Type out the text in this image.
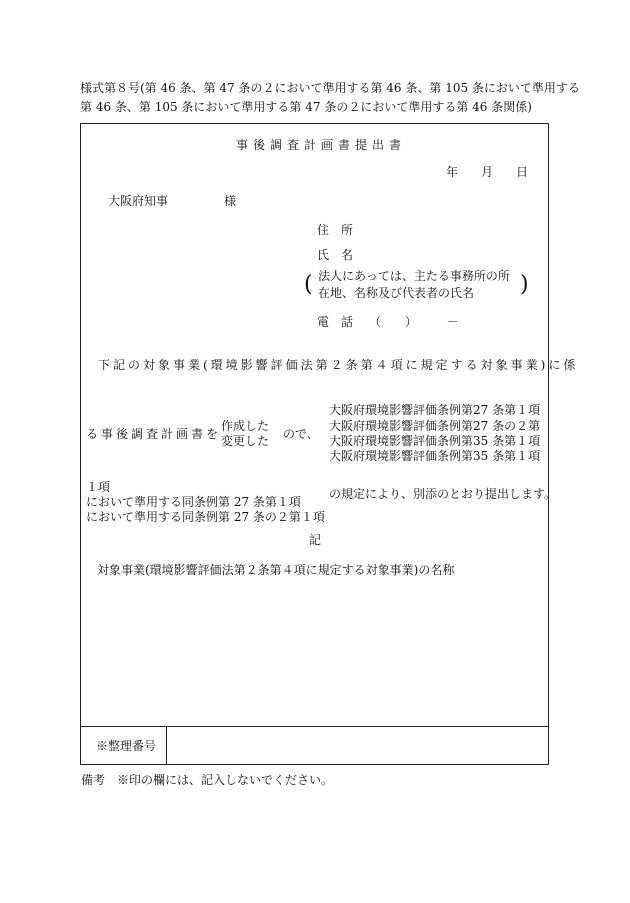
様式第８号(第 46 条、第 47 条の２において準用する第 46 条、第 105 条において準用する
第 46 条、第 105 条において準用する第 47 条の２において準用する第 46 条関係)
事後調査計画書提出書
年 月 日
大阪府知事	様
住　所
氏　名
( 法人にあっては、主たる事務所の所
在地、名称及び代表者の氏名 )
電　話 （　　）　　　－
下記の対象事業(環境影響評価法第２条第４項に規定する対象事業)に係
る事後調査計画書を
作成した
変更した ので、
大阪府環境影響評価条例第27 条第１項
大阪府環境影響評価条例第27 条の２第
大阪府環境影響評価条例第35 条第１項
大阪府環境影響評価条例第35 条第１項
１項
において準用する同条例第 27 条第１項
において準用する同条例第 27 条の２第１項
の規定により、別添のとおり提出します。
記
対象事業(環境影響評価法第２条第４項に規定する対象事業)の名称
※整理番号
備考　※印の欄には、記入しないでください。
